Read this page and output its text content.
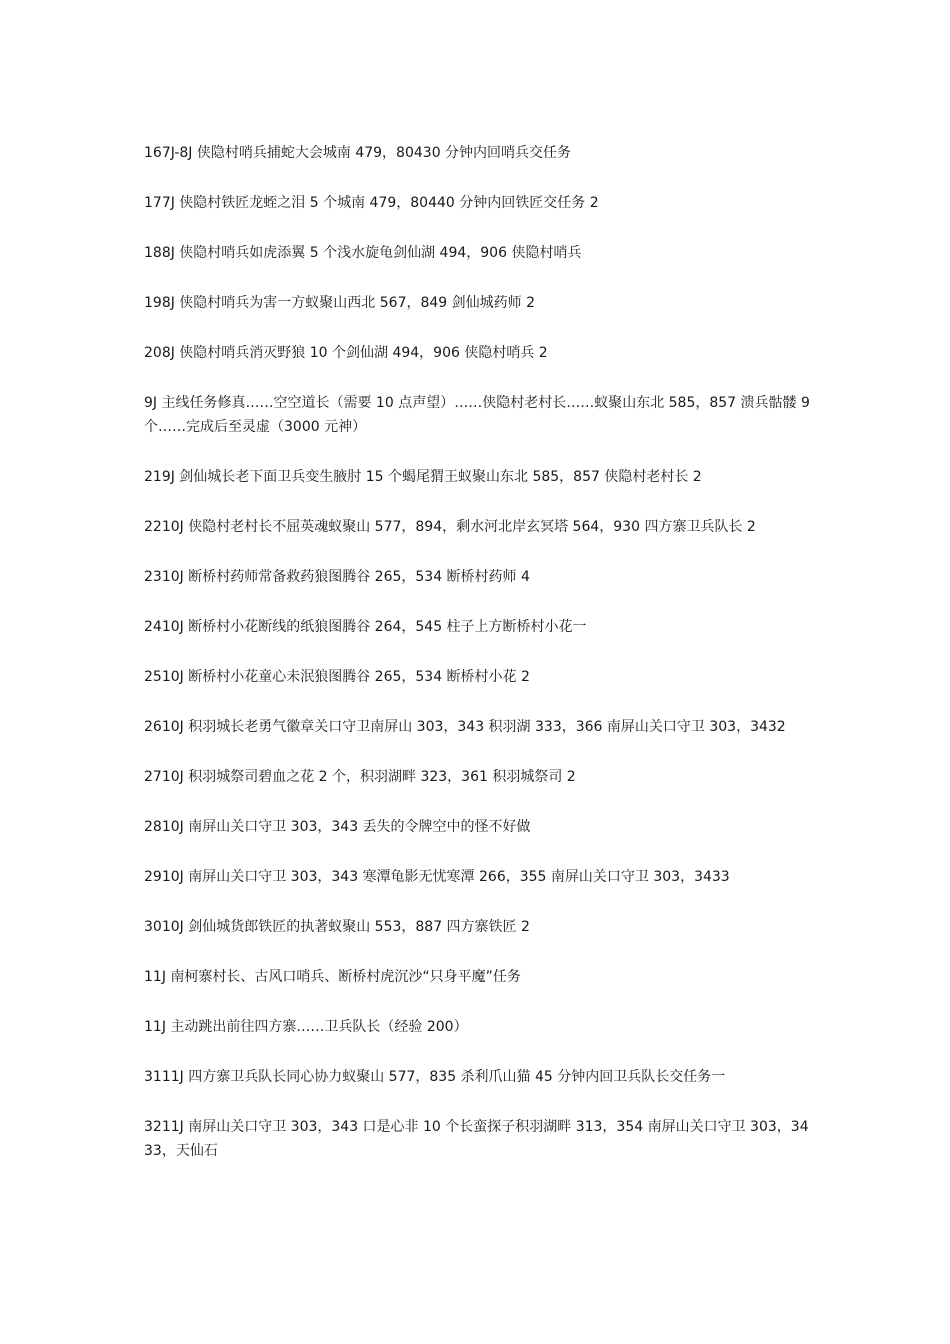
167J-8J 侠隐村哨兵捕蛇大会城南 479，80430 分钟内回哨兵交任务

177J 侠隐村铁匠龙蛭之泪 5 个城南 479，80440 分钟内回铁匠交任务 2

188J 侠隐村哨兵如虎添翼 5 个浅水旋龟剑仙湖 494，906 侠隐村哨兵

198J 侠隐村哨兵为害一方蚁聚山西北 567，849 剑仙城药师 2

208J 侠隐村哨兵消灭野狼 10 个剑仙湖 494，906 侠隐村哨兵 2

9J 主线任务修真……空空道长（需要 10 点声望）……侠隐村老村长……蚁聚山东北 585，857 溃兵骷髅 9 个……完成后至灵虚（3000 元神）

219J 剑仙城长老下面卫兵变生腋肘 15 个蝎尾猬王蚁聚山东北 585，857 侠隐村老村长 2

2210J 侠隐村老村长不屈英魂蚁聚山 577，894，剩水河北岸玄冥塔 564，930 四方寨卫兵队长 2

2310J 断桥村药师常备救药狼图腾谷 265，534 断桥村药师 4

2410J 断桥村小花断线的纸狼图腾谷 264，545 柱子上方断桥村小花一

2510J 断桥村小花童心未泯狼图腾谷 265，534 断桥村小花 2

2610J 积羽城长老勇气徽章关口守卫南屏山 303，343 积羽湖 333，366 南屏山关口守卫 303，3432

2710J 积羽城祭司碧血之花 2 个，积羽湖畔 323，361 积羽城祭司 2

2810J 南屏山关口守卫 303，343 丢失的令牌空中的怪不好做

2910J 南屏山关口守卫 303，343 寒潭龟影无忧寒潭 266，355 南屏山关口守卫 303，3433

3010J 剑仙城货郎铁匠的执著蚁聚山 553，887 四方寨铁匠 2

11J 南柯寨村长、古风口哨兵、断桥村虎沉沙“只身平魔”任务

11J 主动跳出前往四方寨……卫兵队长（经验 200）

3111J 四方寨卫兵队长同心协力蚁聚山 577，835 杀利爪山猫 45 分钟内回卫兵队长交任务一

3211J 南屏山关口守卫 303，343 口是心非 10 个长蛮探子积羽湖畔 313，354 南屏山关口守卫 303，3433，天仙石
